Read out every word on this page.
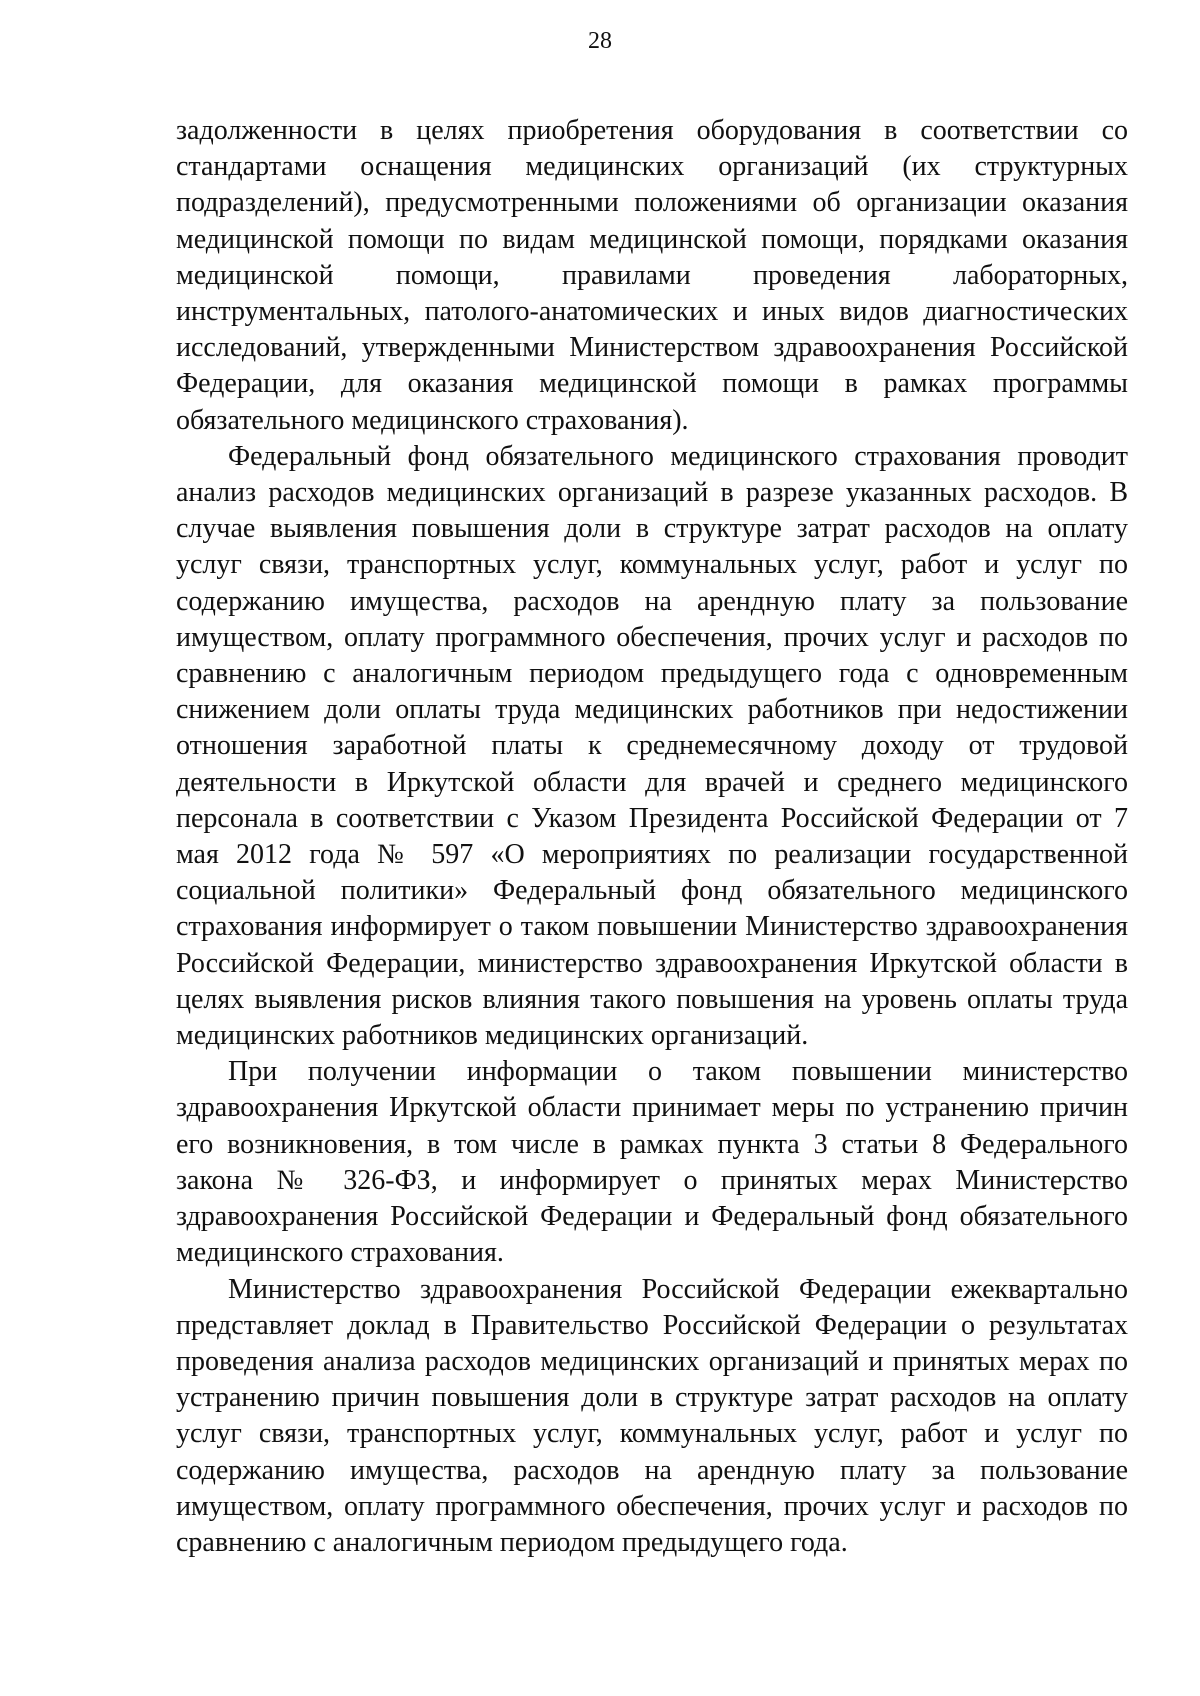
28

задолженности в целях приобретения оборудования в соответствии со стандартами оснащения медицинских организаций (их структурных подразделений), предусмотренными положениями об организации оказания медицинской помощи по видам медицинской помощи, порядками оказания медицинской помощи, правилами проведения лабораторных, инструментальных, патолого-анатомических и иных видов диагностических исследований, утвержденными Министерством здравоохранения Российской Федерации, для оказания медицинской помощи в рамках программы обязательного медицинского страхования).

Федеральный фонд обязательного медицинского страхования проводит анализ расходов медицинских организаций в разрезе указанных расходов. В случае выявления повышения доли в структуре затрат расходов на оплату услуг связи, транспортных услуг, коммунальных услуг, работ и услуг по содержанию имущества, расходов на арендную плату за пользование имуществом, оплату программного обеспечения, прочих услуг и расходов по сравнению с аналогичным периодом предыдущего года с одновременным снижением доли оплаты труда медицинских работников при недостижении отношения заработной платы к среднемесячному доходу от трудовой деятельности в Иркутской области для врачей и среднего медицинского персонала в соответствии с Указом Президента Российской Федерации от 7 мая 2012 года № 597 «О мероприятиях по реализации государственной социальной политики» Федеральный фонд обязательного медицинского страхования информирует о таком повышении Министерство здравоохранения Российской Федерации, министерство здравоохранения Иркутской области в целях выявления рисков влияния такого повышения на уровень оплаты труда медицинских работников медицинских организаций.

При получении информации о таком повышении министерство здравоохранения Иркутской области принимает меры по устранению причин его возникновения, в том числе в рамках пункта 3 статьи 8 Федерального закона № 326-ФЗ, и информирует о принятых мерах Министерство здравоохранения Российской Федерации и Федеральный фонд обязательного медицинского страхования.

Министерство здравоохранения Российской Федерации ежеквартально представляет доклад в Правительство Российской Федерации о результатах проведения анализа расходов медицинских организаций и принятых мерах по устранению причин повышения доли в структуре затрат расходов на оплату услуг связи, транспортных услуг, коммунальных услуг, работ и услуг по содержанию имущества, расходов на арендную плату за пользование имуществом, оплату программного обеспечения, прочих услуг и расходов по сравнению с аналогичным периодом предыдущего года.
